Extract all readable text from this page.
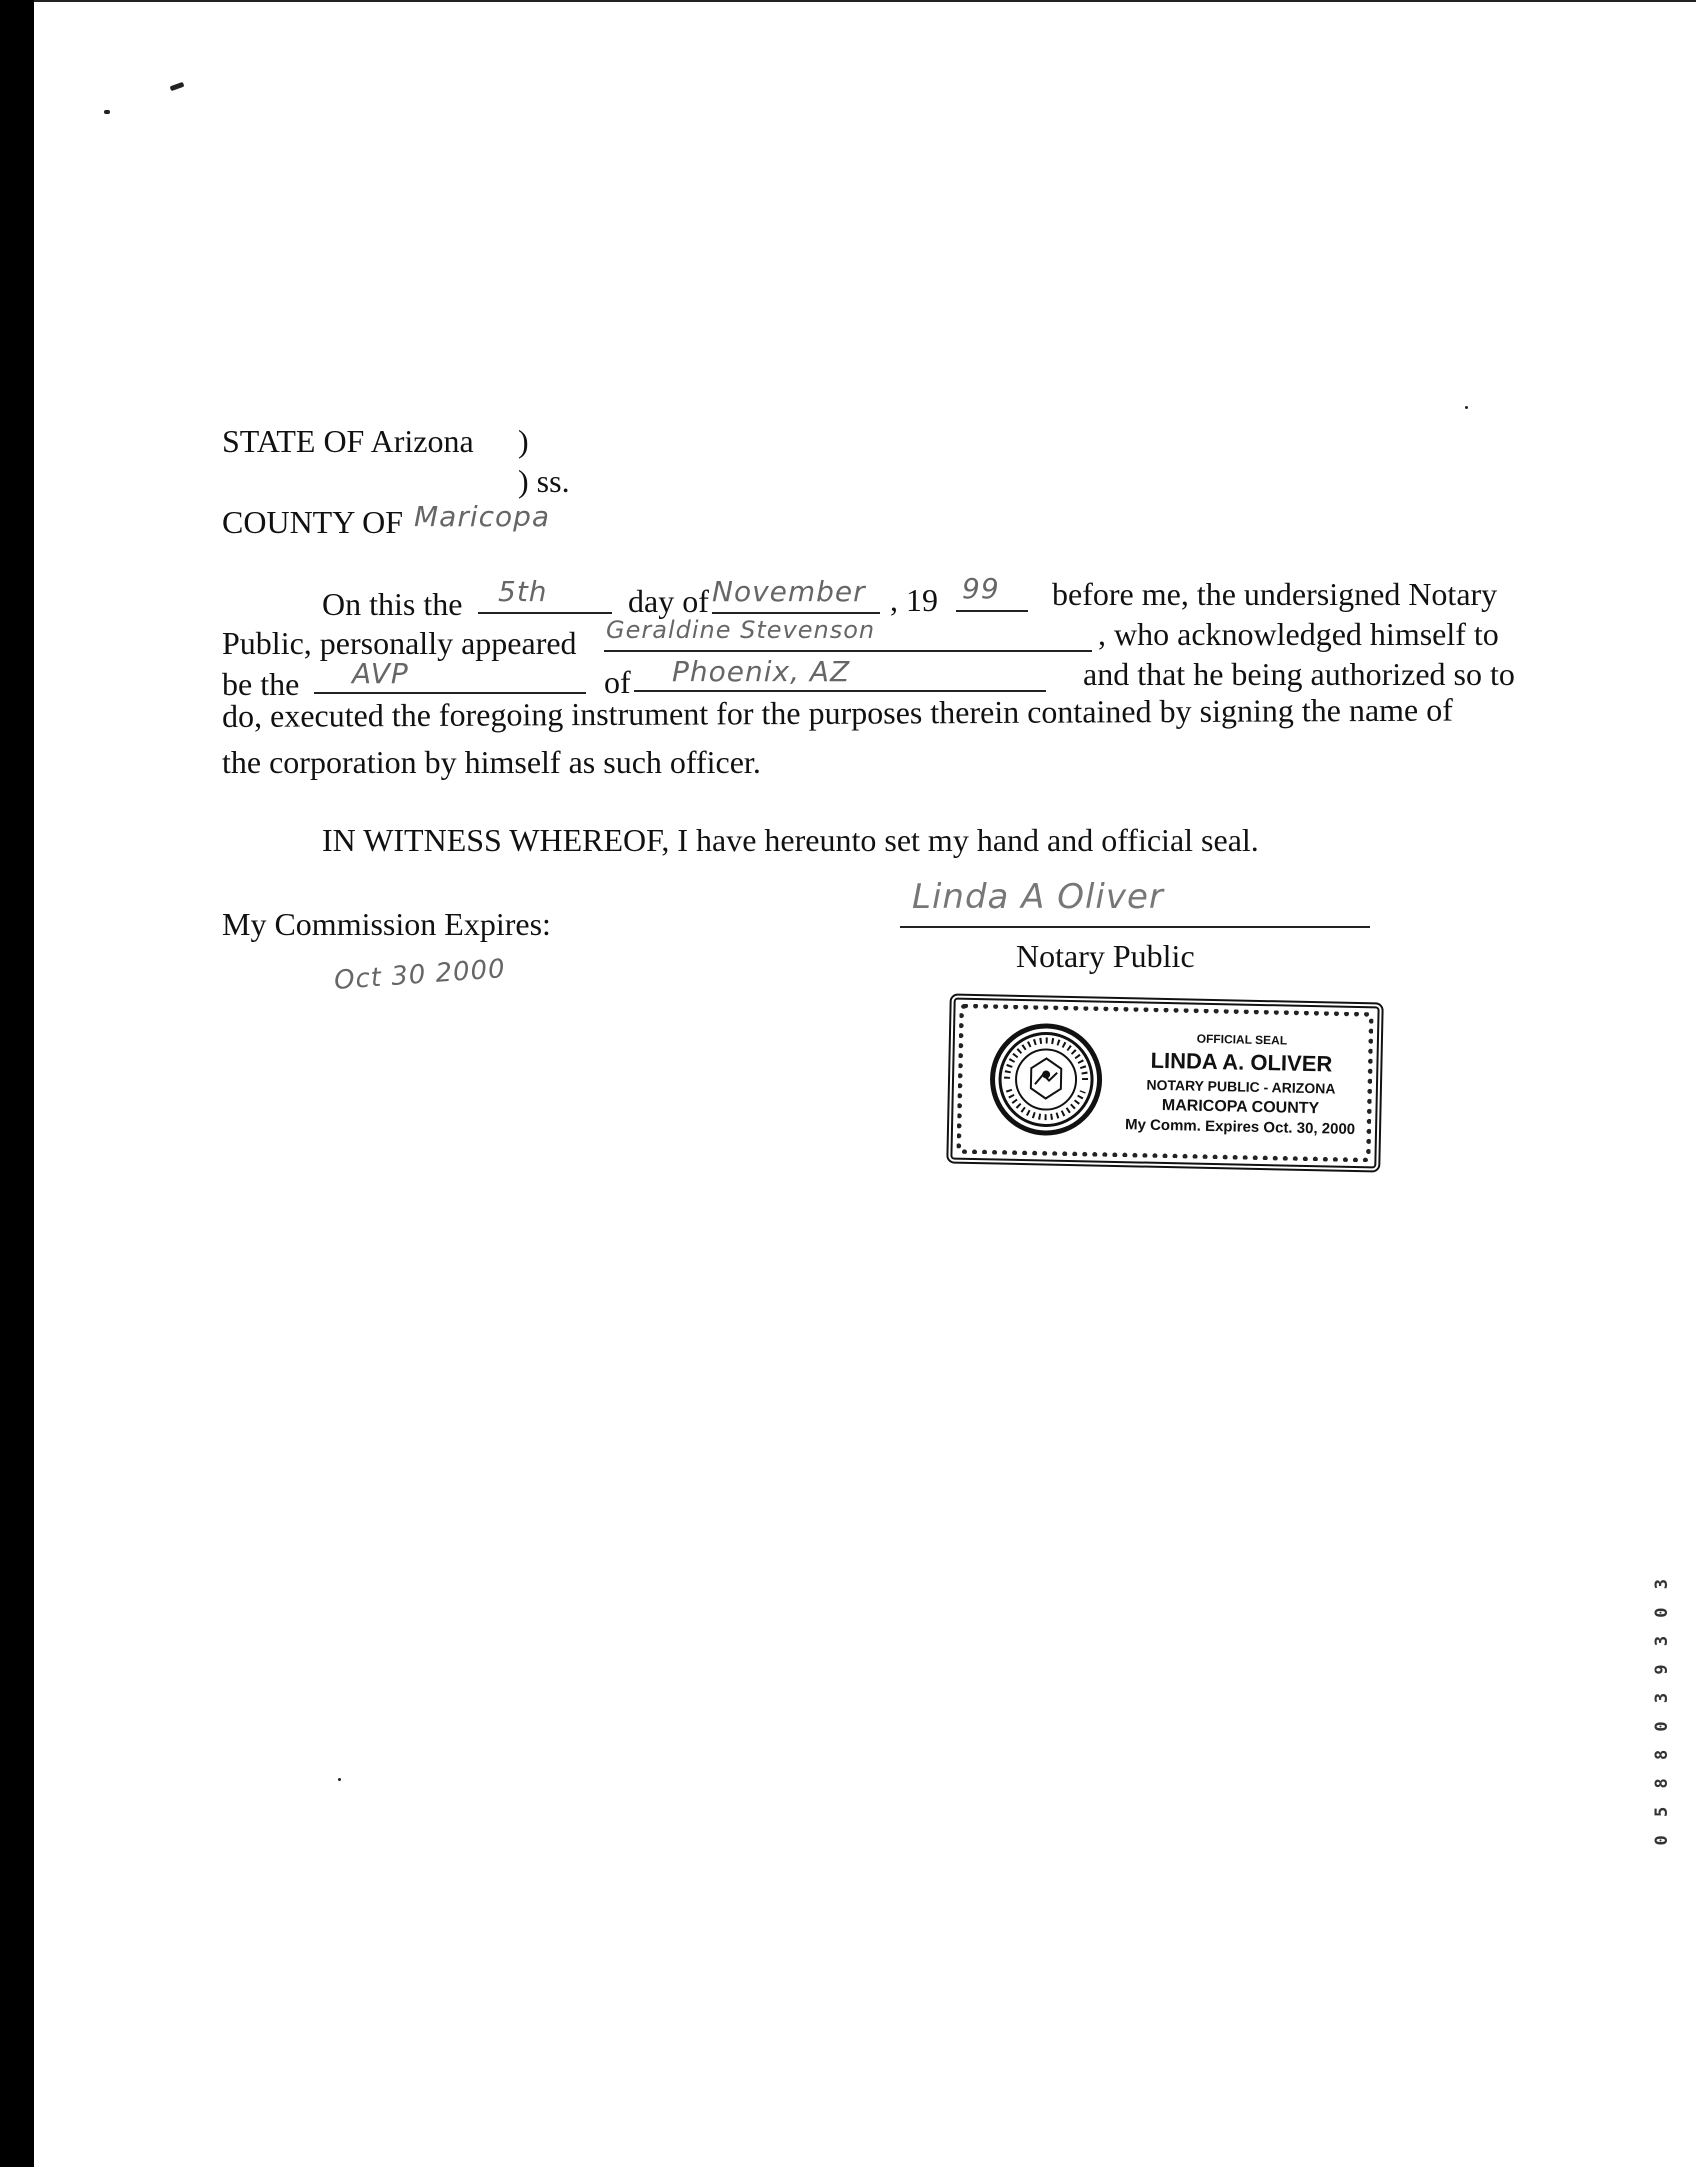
STATE OF Arizona )
) ss.
COUNTY OF Maricopa
On this the 5th	day of November , 19 99 before me, the undersigned Notary
Public, personally appeared Geraldine Stevenson	, who acknowledged himself to
be the AVP	of Phoenix, AZ	and that he being authorized so to
do, executed the foregoing instrument for the purposes therein contained by signing the name of
the corporation by himself as such officer.
IN WITNESS WHEREOF, I have hereunto set my hand and official seal.
My Commission Expires:
Oct 30 2000
Linda A Oliver
Notary Public
OFFICIAL SEAL
LINDA A. OLIVER
NOTARY PUBLIC - ARIZONA
MARICOPA COUNTY
My Comm. Expires Oct. 30, 2000
0 5 8 8 0 3 9 3 0 3
